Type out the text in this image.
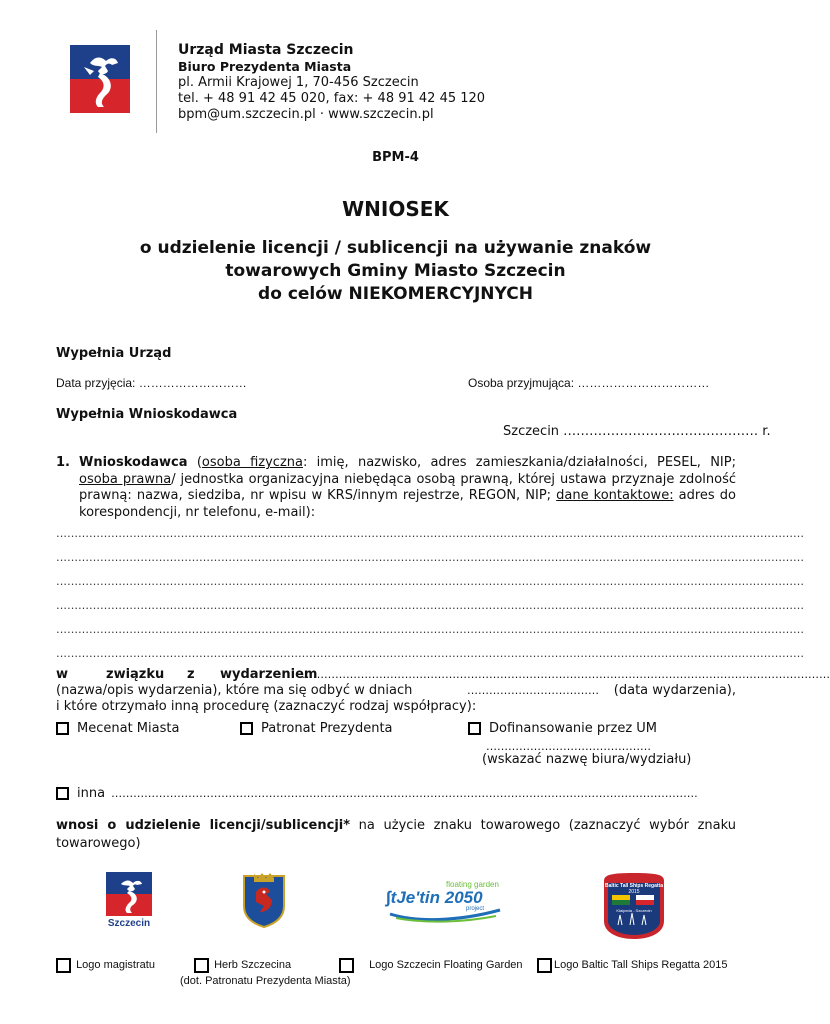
Urząd Miasta Szczecin
Biuro Prezydenta Miasta
pl. Armii Krajowej 1, 70-456 Szczecin
tel. + 48 91 42 45 020, fax: + 48 91 42 45 120
bpm@um.szczecin.pl · www.szczecin.pl
BPM-4
WNIOSEK
o udzielenie licencji / sublicencji na używanie znaków
towarowych Gminy Miasto Szczecin
do celów NIEKOMERCYJNYCH
Wypełnia Urząd
Data przyjęcia: ………………………	Osoba przyjmująca: ……………………………
Wypełnia Wnioskodawca
Szczecin ……………………………………… r.
1. Wnioskodawca (osoba fizyczna: imię, nazwisko, adres zamieszkania/działalności, PESEL, NIP; osoba prawna/ jednostka organizacyjna niebędąca osobą prawną, której ustawa przyznaje zdolność prawną: nazwa, siedziba, nr wpisu w KRS/innym rejestrze, REGON, NIP; dane kontaktowe: adres do korespondencji, nr telefonu, e-mail):
……………………………………………………………………………………………………………………………………………………………………………………
……………………………………………………………………………………………………………………………………………………………………………………
……………………………………………………………………………………………………………………………………………………………………………………
……………………………………………………………………………………………………………………………………………………………………………………
……………………………………………………………………………………………………………………………………………………………………………………
……………………………………………………………………………………………………………………………………………………………………………………
w	związku z wydarzeniem
………………………………………………………………………………………………………………………………
(nazwa/opis wydarzenia), które ma się odbyć w dniach	……………………………… (data wydarzenia),
i które otrzymało inną procedurę (zaznaczyć rodzaj współpracy):
Mecenat Miasta	Patronat Prezydenta	Dofinansowanie przez UM
………………………………………
(wskazać nazwę biura/wydziału)
inna …………………………………………………………………………………………………………………………………………….
wnosi o udzielenie licencji/sublicencji* na użycie znaku towarowego (zaznaczyć wybór znaku towarowego)
Szczecin
floating garden
∫tJe'tin 2050
project
Baltic Tall Ships Regatta
2015
Kłaipeda - Szczecin
Logo magistratu	Herb Szczecina
(dot. Patronatu Prezydenta Miasta)
Logo Szczecin Floating Garden	Logo Baltic Tall Ships Regatta 2015
